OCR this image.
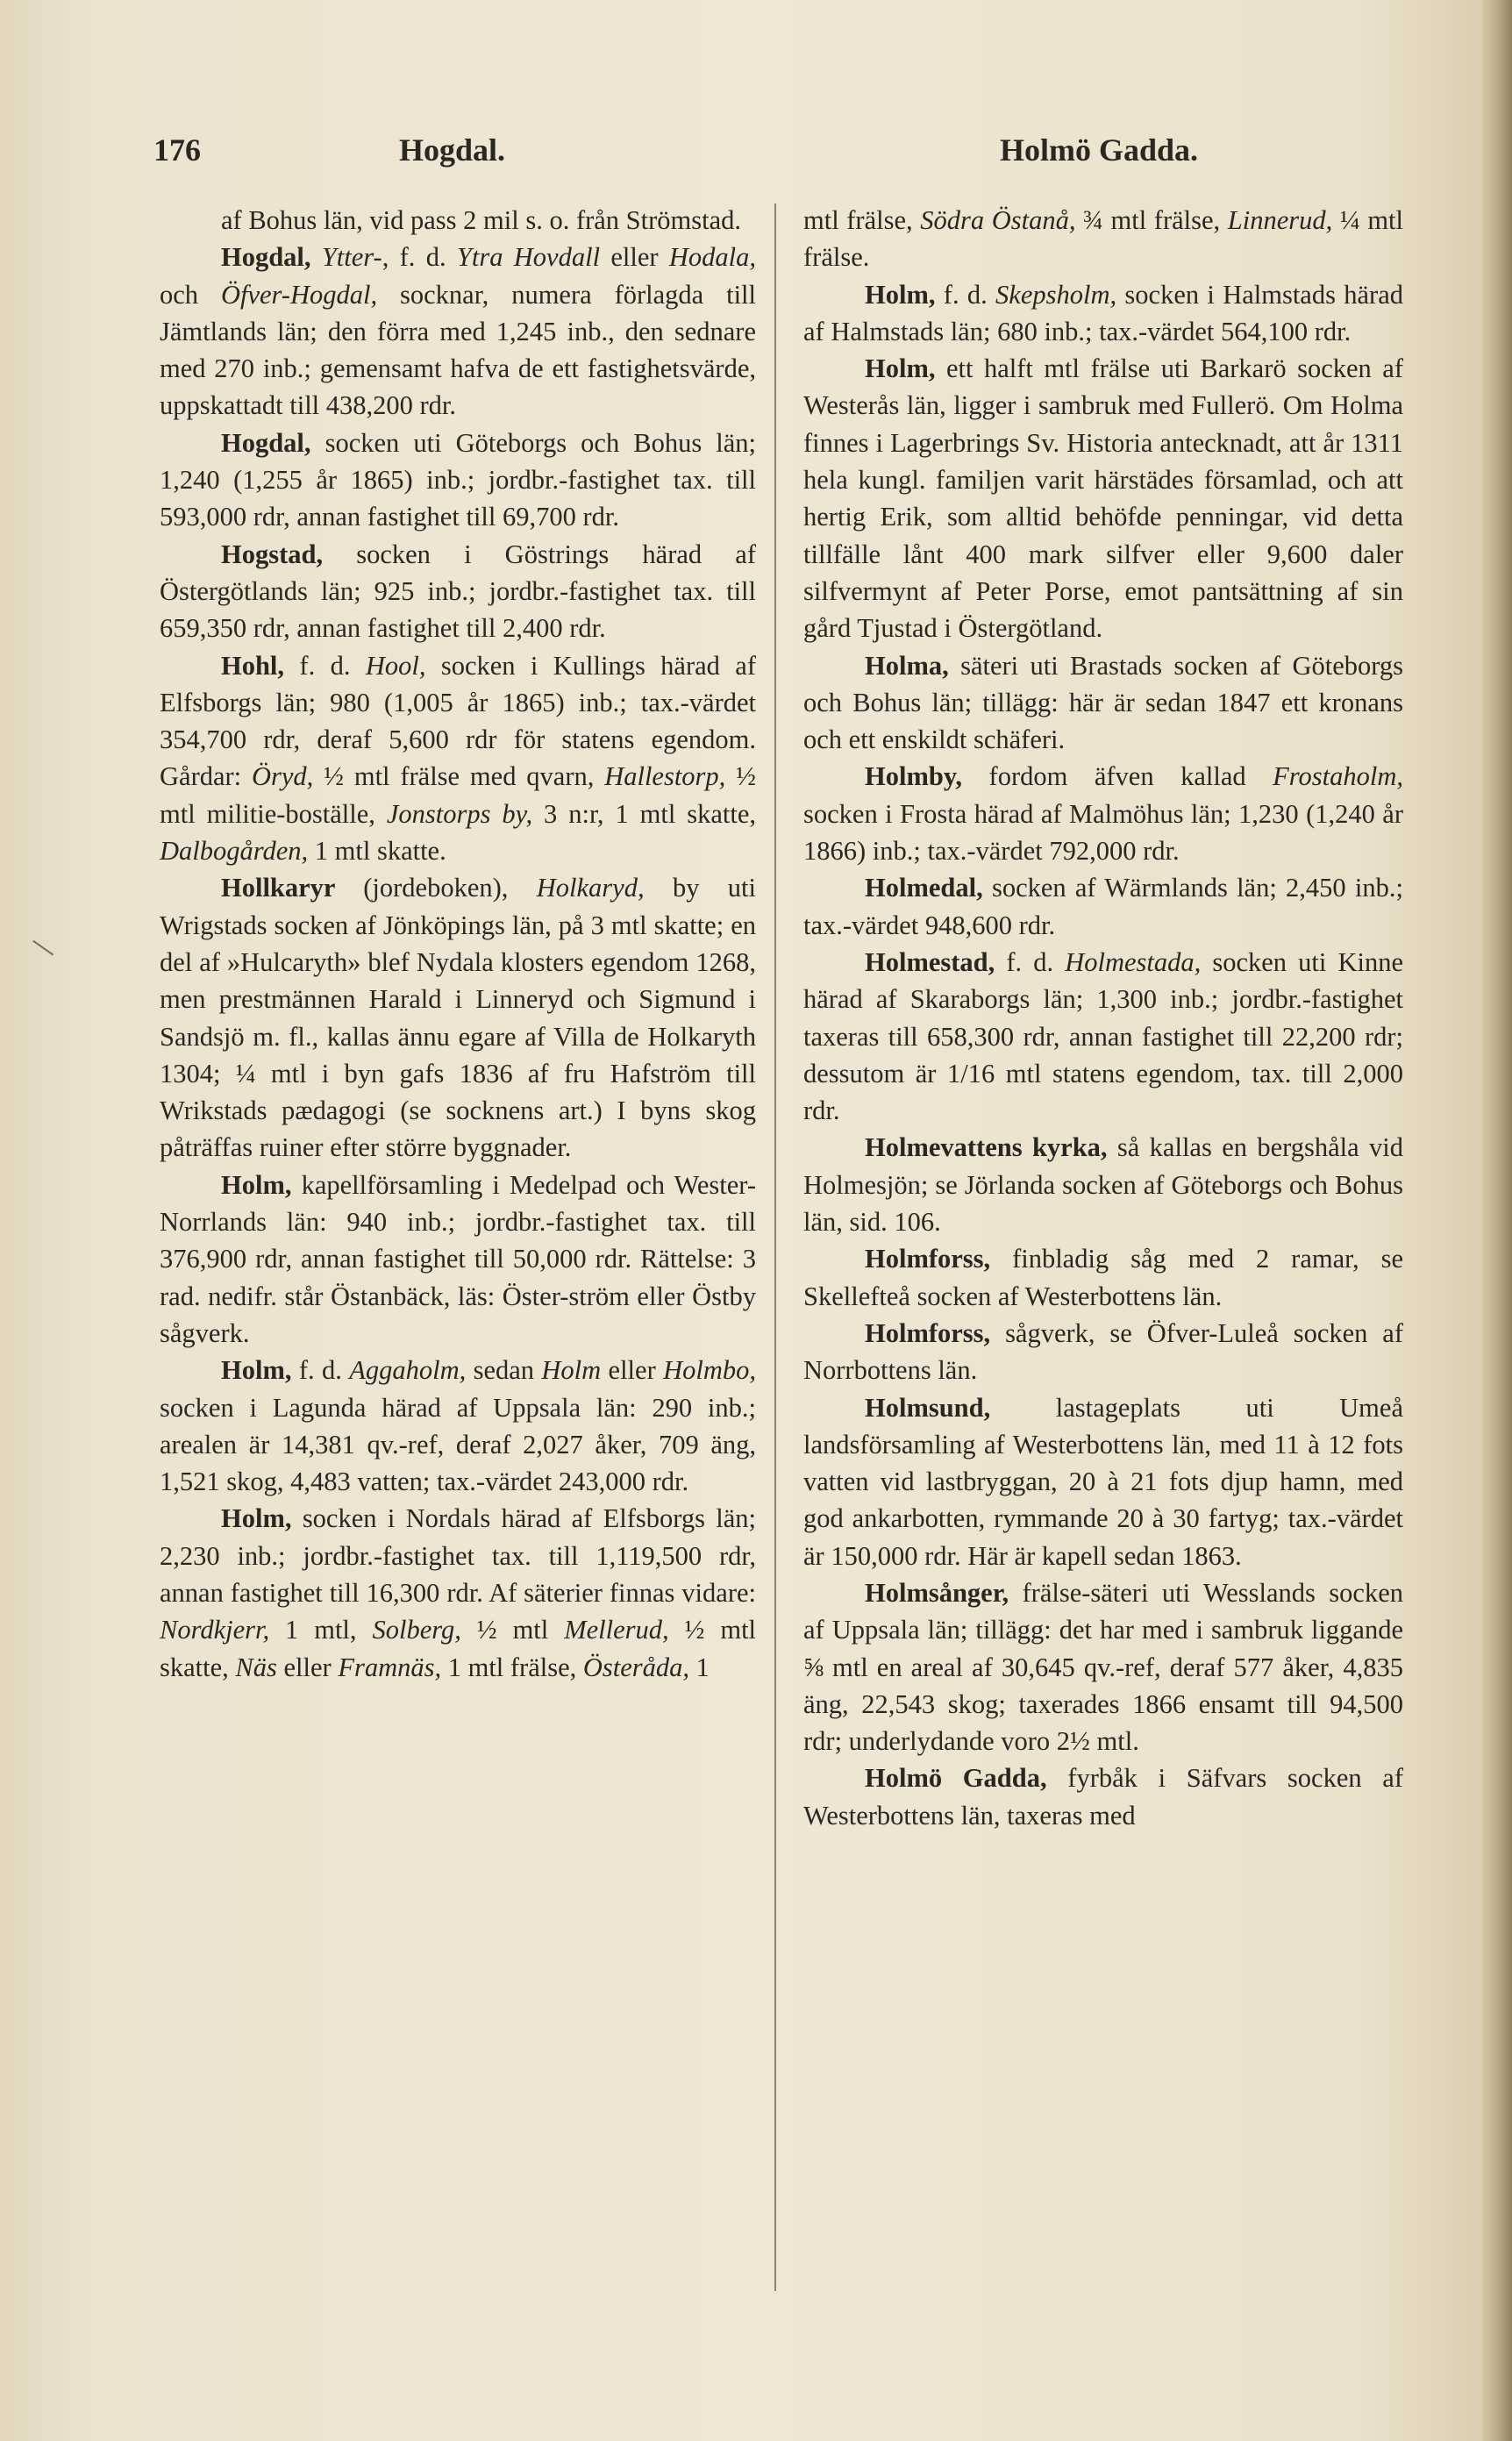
176	Hogdal.	Holmö Gadda.

af Bohus län, vid pass 2 mil s. o. från Strömstad.

Hogdal, Ytter-, f. d. Ytra Hovdall eller Hodala, och Öfver-Hogdal, socknar, numera förlagda till Jämtlands län; den förra med 1,245 inb., den sednare med 270 inb.; gemensamt hafva de ett fastighetsvärde, uppskattadt till 438,200 rdr.

Hogdal, socken uti Göteborgs och Bohus län; 1,240 (1,255 år 1865) inb.; jordbr.-fastighet tax. till 593,000 rdr, annan fastighet till 69,700 rdr.

Hogstad, socken i Göstrings härad af Östergötlands län; 925 inb.; jordbr.-fastighet tax. till 659,350 rdr, annan fastighet till 2,400 rdr.

Hohl, f. d. Hool, socken i Kullings härad af Elfsborgs län; 980 (1,005 år 1865) inb.; tax.-värdet 354,700 rdr, deraf 5,600 rdr för statens egendom. Gårdar: Öryd, ½ mtl frälse med qvarn, Hallestorp, ½ mtl militie-boställe, Jonstorps by, 3 n:r, 1 mtl skatte, Dalbogården, 1 mtl skatte.

Hollkaryr (jordeboken), Holkaryd, by uti Wrigstads socken af Jönköpings län, på 3 mtl skatte; en del af »Hulcaryth» blef Nydala klosters egendom 1268, men prestmännen Harald i Linneryd och Sigmund i Sandsjö m. fl., kallas ännu egare af Villa de Holkaryth 1304; ¼ mtl i byn gafs 1836 af fru Hafström till Wrikstads pædagogi (se socknens art.) I byns skog påträffas ruiner efter större byggnader.

Holm, kapellförsamling i Medelpad och Wester-Norrlands län: 940 inb.; jordbr.-fastighet tax. till 376,900 rdr, annan fastighet till 50,000 rdr. Rättelse: 3 rad. nedifr. står Östanbäck, läs: Öster-ström eller Östby sågverk.

Holm, f. d. Aggaholm, sedan Holm eller Holmbo, socken i Lagunda härad af Uppsala län: 290 inb.; arealen är 14,381 qv.-ref, deraf 2,027 åker, 709 äng, 1,521 skog, 4,483 vatten; tax.-värdet 243,000 rdr.

Holm, socken i Nordals härad af Elfsborgs län; 2,230 inb.; jordbr.-fastighet tax. till 1,119,500 rdr, annan fastighet till 16,300 rdr. Af säterier finnas vidare: Nordkjerr, 1 mtl, Solberg, ½ mtl Mellerud, ½ mtl skatte, Näs eller Framnäs, 1 mtl frälse, Österåda, 1

mtl frälse, Södra Östanå, ¾ mtl frälse, Linnerud, ¼ mtl frälse.

Holm, f. d. Skepsholm, socken i Halmstads härad af Halmstads län; 680 inb.; tax.-värdet 564,100 rdr.

Holm, ett halft mtl frälse uti Barkarö socken af Westerås län, ligger i sambruk med Fullerö. Om Holma finnes i Lagerbrings Sv. Historia antecknadt, att år 1311 hela kungl. familjen varit härstädes församlad, och att hertig Erik, som alltid behöfde penningar, vid detta tillfälle lånt 400 mark silfver eller 9,600 daler silfvermynt af Peter Porse, emot pantsättning af sin gård Tjustad i Östergötland.

Holma, säteri uti Brastads socken af Göteborgs och Bohus län; tillägg: här är sedan 1847 ett kronans och ett enskildt schäferi.

Holmby, fordom äfven kallad Frostaholm, socken i Frosta härad af Malmöhus län; 1,230 (1,240 år 1866) inb.; tax.-värdet 792,000 rdr.

Holmedal, socken af Wärmlands län; 2,450 inb.; tax.-värdet 948,600 rdr.

Holmestad, f. d. Holmestada, socken uti Kinne härad af Skaraborgs län; 1,300 inb.; jordbr.-fastighet taxeras till 658,300 rdr, annan fastighet till 22,200 rdr; dessutom är 1/16 mtl statens egendom, tax. till 2,000 rdr.

Holmevattens kyrka, så kallas en bergshåla vid Holmesjön; se Jörlanda socken af Göteborgs och Bohus län, sid. 106.

Holmforss, finbladig såg med 2 ramar, se Skellefteå socken af Westerbottens län.

Holmforss, sågverk, se Öfver-Luleå socken af Norrbottens län.

Holmsund, lastageplats uti Umeå landsförsamling af Westerbottens län, med 11 à 12 fots vatten vid lastbryggan, 20 à 21 fots djup hamn, med god ankarbotten, rymmande 20 à 30 fartyg; tax.-värdet är 150,000 rdr. Här är kapell sedan 1863.

Holmsånger, frälse-säteri uti Wesslands socken af Uppsala län; tillägg: det har med i sambruk liggande ⅝ mtl en areal af 30,645 qv.-ref, deraf 577 åker, 4,835 äng, 22,543 skog; taxerades 1866 ensamt till 94,500 rdr; underlydande voro 2½ mtl.

Holmö Gadda, fyrbåk i Säfvars socken af Westerbottens län, taxeras med
